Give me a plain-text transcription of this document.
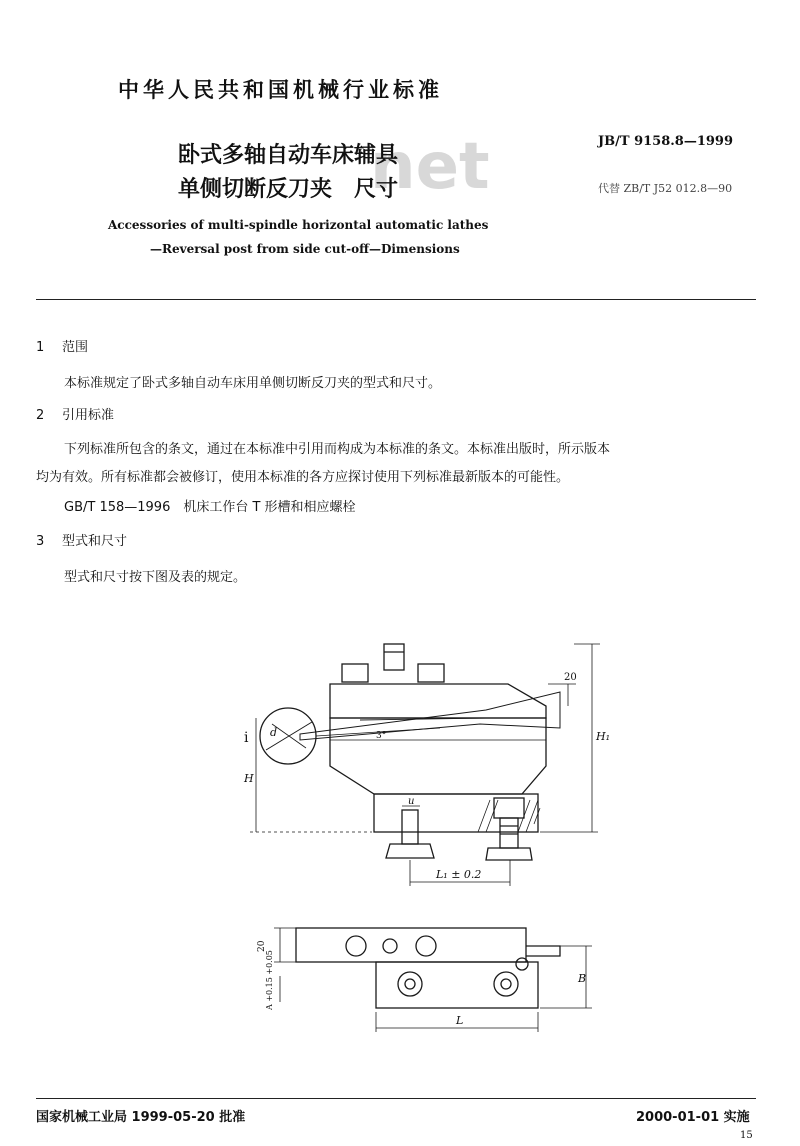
net
中华人民共和国机械行业标准
卧式多轴自动车床辅具
单侧切断反刀夹　尺寸
JB/T 9158.8—1999
代替 ZB/T J52 012.8—90
Accessories of multi-spindle horizontal automatic lathes
—Reversal post from side cut-off—Dimensions
1 范围
本标准规定了卧式多轴自动车床用单侧切断反刀夹的型式和尺寸。
2 引用标准
下列标准所包含的条文，通过在本标准中引用而构成为本标准的条文。本标准出版时，所示版本
均为有效。所有标准都会被修订，使用本标准的各方应探讨使用下列标准最新版本的可能性。
GB/T 158—1996　机床工作台 T 形槽和相应螺栓
3 型式和尺寸
型式和尺寸按下图及表的规定。
i d
H
H₁
20
3°
u
L₁ ± 0.2
20
A +0.15 +0.05	B
L
国家机械工业局 1999-05-20 批准	2000-01-01 实施
15
